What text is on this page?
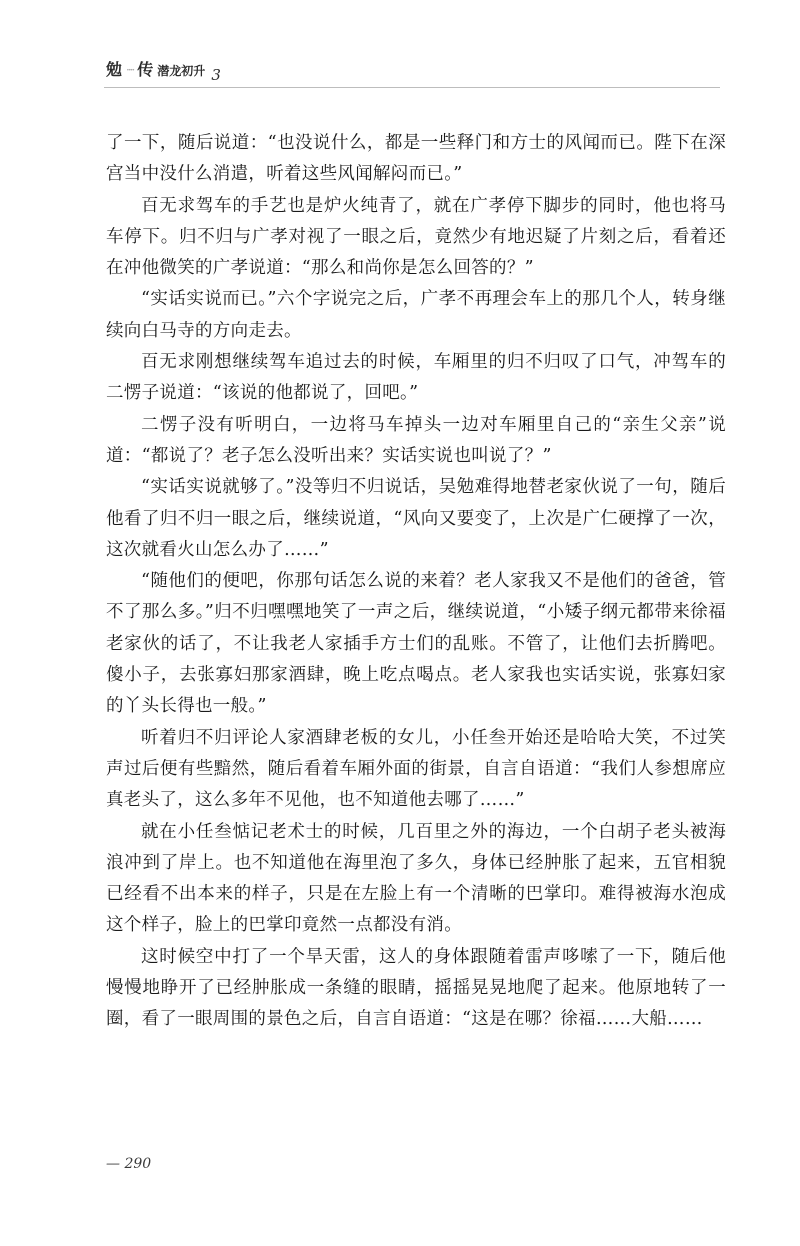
勉 ···· 传 潜龙初升 3

了一下，随后说道：“也没说什么，都是一些释门和方士的风闻而已。陛下在深宫当中没什么消遣，听着这些风闻解闷而已。”

百无求驾车的手艺也是炉火纯青了，就在广孝停下脚步的同时，他也将马车停下。归不归与广孝对视了一眼之后，竟然少有地迟疑了片刻之后，看着还在冲他微笑的广孝说道：“那么和尚你是怎么回答的？”

“实话实说而已。”六个字说完之后，广孝不再理会车上的那几个人，转身继续向白马寺的方向走去。

百无求刚想继续驾车追过去的时候，车厢里的归不归叹了口气，冲驾车的二愣子说道：“该说的他都说了，回吧。”

二愣子没有听明白，一边将马车掉头一边对车厢里自己的“亲生父亲”说道：“都说了？老子怎么没听出来？实话实说也叫说了？”

“实话实说就够了。”没等归不归说话，吴勉难得地替老家伙说了一句，随后他看了归不归一眼之后，继续说道，“风向又要变了，上次是广仁硬撑了一次，这次就看火山怎么办了……”

“随他们的便吧，你那句话怎么说的来着？老人家我又不是他们的爸爸，管不了那么多。”归不归嘿嘿地笑了一声之后，继续说道，“小矮子纲元都带来徐福老家伙的话了，不让我老人家插手方士们的乱账。不管了，让他们去折腾吧。傻小子，去张寡妇那家酒肆，晚上吃点喝点。老人家我也实话实说，张寡妇家的丫头长得也一般。”

听着归不归评论人家酒肆老板的女儿，小任叁开始还是哈哈大笑，不过笑声过后便有些黯然，随后看着车厢外面的街景，自言自语道：“我们人参想席应真老头了，这么多年不见他，也不知道他去哪了……”

就在小任叁惦记老术士的时候，几百里之外的海边，一个白胡子老头被海浪冲到了岸上。也不知道他在海里泡了多久，身体已经肿胀了起来，五官相貌已经看不出本来的样子，只是在左脸上有一个清晰的巴掌印。难得被海水泡成这个样子，脸上的巴掌印竟然一点都没有消。

这时候空中打了一个旱天雷，这人的身体跟随着雷声哆嗦了一下，随后他慢慢地睁开了已经肿胀成一条缝的眼睛，摇摇晃晃地爬了起来。他原地转了一圈，看了一眼周围的景色之后，自言自语道：“这是在哪？徐福……大船……

— 290
